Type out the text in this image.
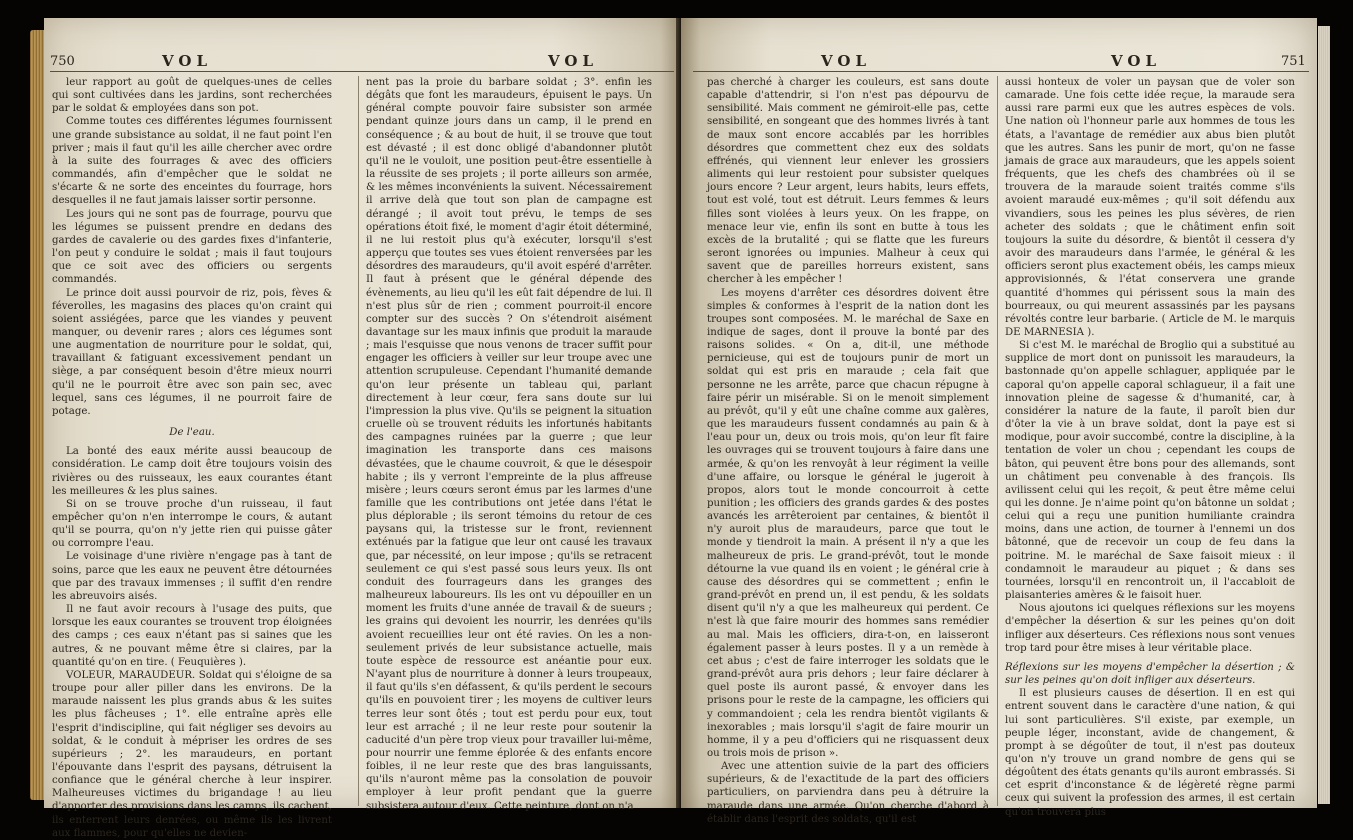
750	VOL	VOL

leur rapport au goût de quelques-unes de celles qui sont cultivées dans les jardins, sont recherchées par le soldat & employées dans son pot.

Comme toutes ces différentes légumes fournissent une grande subsistance au soldat, il ne faut point l'en priver ; mais il faut qu'il les aille chercher avec ordre à la suite des fourrages & avec des officiers commandés, afin d'empêcher que le soldat ne s'écarte & ne sorte des enceintes du fourrage, hors desquelles il ne faut jamais laisser sortir personne.

Les jours qui ne sont pas de fourrage, pourvu que les légumes se puissent prendre en dedans des gardes de cavalerie ou des gardes fixes d'infanterie, l'on peut y conduire le soldat ; mais il faut toujours que ce soit avec des officiers ou sergents commandés.

Le prince doit aussi pourvoir de riz, pois, fèves & féverolles, les magasins des places qu'on craint qui soient assiégées, parce que les viandes y peuvent manquer, ou devenir rares ; alors ces légumes sont une augmentation de nourriture pour le soldat, qui, travaillant & fatiguant excessivement pendant un siège, a par conséquent besoin d'être mieux nourri qu'il ne le pourroit être avec son pain sec, avec lequel, sans ces légumes, il ne pourroit faire de potage.

De l'eau.

La bonté des eaux mérite aussi beaucoup de considération. Le camp doit être toujours voisin des rivières ou des ruisseaux, les eaux courantes étant les meilleures & les plus saines.

Si on se trouve proche d'un ruisseau, il faut empêcher qu'on n'en interrompe le cours, & autant qu'il se pourra, qu'on n'y jette rien qui puisse gâter ou corrompre l'eau.

Le voisinage d'une rivière n'engage pas à tant de soins, parce que les eaux ne peuvent être détournées que par des travaux immenses ; il suffit d'en rendre les abreuvoirs aisés.

Il ne faut avoir recours à l'usage des puits, que lorsque les eaux courantes se trouvent trop éloignées des camps ; ces eaux n'étant pas si saines que les autres, & ne pouvant même être si claires, par la quantité qu'on en tire. ( Feuquières ).

VOLEUR, MARAUDEUR. Soldat qui s'éloigne de sa troupe pour aller piller dans les environs. De la maraude naissent les plus grands abus & les suites les plus fâcheuses ; 1°. elle entraîne après elle l'esprit d'indiscipline, qui fait négliger ses devoirs au soldat, & le conduit à mépriser les ordres de ses supérieurs ; 2°. les maraudeurs, en portant l'épouvante dans l'esprit des paysans, détruisent la confiance que le général cherche à leur inspirer. Malheureuses victimes du brigandage ! au lieu d'apporter des provisions dans les camps, ils cachent, ils enterrent leurs denrées, ou même ils les livrent aux flammes, pour qu'elles ne devien-

nent pas la proie du barbare soldat ; 3°. enfin les dégâts que font les maraudeurs, épuisent le pays. Un général compte pouvoir faire subsister son armée pendant quinze jours dans un camp, il le prend en conséquence ; & au bout de huit, il se trouve que tout est dévasté ; il est donc obligé d'abandonner plutôt qu'il ne le vouloit, une position peut-être essentielle à la réussite de ses projets ; il porte ailleurs son armée, & les mêmes inconvénients la suivent. Nécessairement il arrive delà que tout son plan de campagne est dérangé ; il avoit tout prévu, le temps de ses opérations étoit fixé, le moment d'agir étoit déterminé, il ne lui restoit plus qu'à exécuter, lorsqu'il s'est apperçu que toutes ses vues étoient renversées par les désordres des maraudeurs, qu'il avoit espéré d'arrêter. Il faut à présent que le général dépende des évènements, au lieu qu'il les eût fait dépendre de lui. Il n'est plus sûr de rien ; comment pourroit-il encore compter sur des succès ? On s'étendroit aisément davantage sur les maux infinis que produit la maraude ; mais l'esquisse que nous venons de tracer suffit pour engager les officiers à veiller sur leur troupe avec une attention scrupuleuse. Cependant l'humanité demande qu'on leur présente un tableau qui, parlant directement à leur cœur, fera sans doute sur lui l'impression la plus vive. Qu'ils se peignent la situation cruelle où se trouvent réduits les infortunés habitants des campagnes ruinées par la guerre ; que leur imagination les transporte dans ces maisons dévastées, que le chaume couvroit, & que le désespoir habite ; ils y verront l'empreinte de la plus affreuse misère ; leurs cœurs seront émus par les larmes d'une famille que les contributions ont jetée dans l'état le plus déplorable ; ils seront témoins du retour de ces paysans qui, la tristesse sur le front, reviennent exténués par la fatigue que leur ont causé les travaux que, par nécessité, on leur impose ; qu'ils se retracent seulement ce qui s'est passé sous leurs yeux. Ils ont conduit des fourrageurs dans les granges des malheureux laboureurs. Ils les ont vu dépouiller en un moment les fruits d'une année de travail & de sueurs ; les grains qui devoient les nourrir, les denrées qu'ils avoient recueillies leur ont été ravies. On les a non-seulement privés de leur subsistance actuelle, mais toute espèce de ressource est anéantie pour eux. N'ayant plus de nourriture à donner à leurs troupeaux, il faut qu'ils s'en défassent, & qu'ils perdent le secours qu'ils en pouvoient tirer ; les moyens de cultiver leurs terres leur sont ôtés ; tout est perdu pour eux, tout leur est arraché ; il ne leur reste pour soutenir la caducité d'un père trop vieux pour travailler lui-même, pour nourrir une femme éplorée & des enfants encore foibles, il ne leur reste que des bras languissants, qu'ils n'auront même pas la consolation de pouvoir employer à leur profit pendant que la guerre subsistera autour d'eux. Cette peinture, dont on n'a

VOL	VOL	751

pas cherché à charger les couleurs, est sans doute capable d'attendrir, si l'on n'est pas dépourvu de sensibilité. Mais comment ne gémiroit-elle pas, cette sensibilité, en songeant que des hommes livrés à tant de maux sont encore accablés par les horribles désordres que commettent chez eux des soldats effrénés, qui viennent leur enlever les grossiers aliments qui leur restoient pour subsister quelques jours encore ? Leur argent, leurs habits, leurs effets, tout est volé, tout est détruit. Leurs femmes & leurs filles sont violées à leurs yeux. On les frappe, on menace leur vie, enfin ils sont en butte à tous les excès de la brutalité ; qui se flatte que les fureurs seront ignorées ou impunies. Malheur à ceux qui savent que de pareilles horreurs existent, sans chercher à les empêcher !

Les moyens d'arrêter ces désordres doivent être simples & conformes à l'esprit de la nation dont les troupes sont composées. M. le maréchal de Saxe en indique de sages, dont il prouve la bonté par des raisons solides. « On a, dit-il, une méthode pernicieuse, qui est de toujours punir de mort un soldat qui est pris en maraude ; cela fait que personne ne les arrête, parce que chacun répugne à faire périr un misérable. Si on le menoit simplement au prévôt, qu'il y eût une chaîne comme aux galères, que les maraudeurs fussent condamnés au pain & à l'eau pour un, deux ou trois mois, qu'on leur fît faire les ouvrages qui se trouvent toujours à faire dans une armée, & qu'on les renvoyât à leur régiment la veille d'une affaire, ou lorsque le général le jugeroit à propos, alors tout le monde concourroit à cette punition ; les officiers des grands gardes & des postes avancés les arrêteroient par centaines, & bientôt il n'y auroit plus de maraudeurs, parce que tout le monde y tiendroit la main. A présent il n'y a que les malheureux de pris. Le grand-prévôt, tout le monde détourne la vue quand ils en voient ; le général crie à cause des désordres qui se commettent ; enfin le grand-prévôt en prend un, il est pendu, & les soldats disent qu'il n'y a que les malheureux qui perdent. Ce n'est là que faire mourir des hommes sans remédier au mal. Mais les officiers, dira-t-on, en laisseront également passer à leurs postes. Il y a un remède à cet abus ; c'est de faire interroger les soldats que le grand-prévôt aura pris dehors ; leur faire déclarer à quel poste ils auront passé, & envoyer dans les prisons pour le reste de la campagne, les officiers qui y commandoient ; cela les rendra bientôt vigilants & inexorables ; mais lorsqu'il s'agit de faire mourir un homme, il y a peu d'officiers qui ne risquassent deux ou trois mois de prison ».

Avec une attention suivie de la part des officiers supérieurs, & de l'exactitude de la part des officiers particuliers, on parviendra dans peu à détruire la maraude dans une armée. Qu'on cherche d'abord à établir dans l'esprit des soldats, qu'il est

aussi honteux de voler un paysan que de voler son camarade. Une fois cette idée reçue, la maraude sera aussi rare parmi eux que les autres espèces de vols. Une nation où l'honneur parle aux hommes de tous les états, a l'avantage de remédier aux abus bien plutôt que les autres. Sans les punir de mort, qu'on ne fasse jamais de grace aux maraudeurs, que les appels soient fréquents, que les chefs des chambrées où il se trouvera de la maraude soient traités comme s'ils avoient maraudé eux-mêmes ; qu'il soit défendu aux vivandiers, sous les peines les plus sévères, de rien acheter des soldats ; que le châtiment enfin soit toujours la suite du désordre, & bientôt il cessera d'y avoir des maraudeurs dans l'armée, le général & les officiers seront plus exactement obéis, les camps mieux approvisionnés, & l'état conservera une grande quantité d'hommes qui périssent sous la main des bourreaux, ou qui meurent assassinés par les paysans révoltés contre leur barbarie. ( Article de M. le marquis DE MARNESIA ).

Si c'est M. le maréchal de Broglio qui a substitué au supplice de mort dont on punissoit les maraudeurs, la bastonnade qu'on appelle schlaguer, appliquée par le caporal qu'on appelle caporal schlagueur, il a fait une innovation pleine de sagesse & d'humanité, car, à considérer la nature de la faute, il paroît bien dur d'ôter la vie à un brave soldat, dont la paye est si modique, pour avoir succombé, contre la discipline, à la tentation de voler un chou ; cependant les coups de bâton, qui peuvent être bons pour des allemands, sont un châtiment peu convenable à des françois. Ils avilissent celui qui les reçoit, & peut être même celui qui les donne. Je n'aime point qu'on bâtonne un soldat ; celui qui a reçu une punition humiliante craindra moins, dans une action, de tourner à l'ennemi un dos bâtonné, que de recevoir un coup de feu dans la poitrine. M. le maréchal de Saxe faisoit mieux : il condamnoit le maraudeur au piquet ; & dans ses tournées, lorsqu'il en rencontroit un, il l'accabloit de plaisanteries amères & le faisoit huer.

Nous ajoutons ici quelques réflexions sur les moyens d'empêcher la désertion & sur les peines qu'on doit infliger aux déserteurs. Ces réflexions nous sont venues trop tard pour être mises à leur véritable place.

Réflexions sur les moyens d'empêcher la désertion ; & sur les peines qu'on doit infliger aux déserteurs.

Il est plusieurs causes de désertion. Il en est qui entrent souvent dans le caractère d'une nation, & qui lui sont particulières. S'il existe, par exemple, un peuple léger, inconstant, avide de changement, & prompt à se dégoûter de tout, il n'est pas douteux qu'on n'y trouve un grand nombre de gens qui se dégoûtent des états genants qu'ils auront embrassés. Si cet esprit d'inconstance & de légèreté règne parmi ceux qui suivent la profession des armes, il est certain qu'on trouvera plus
